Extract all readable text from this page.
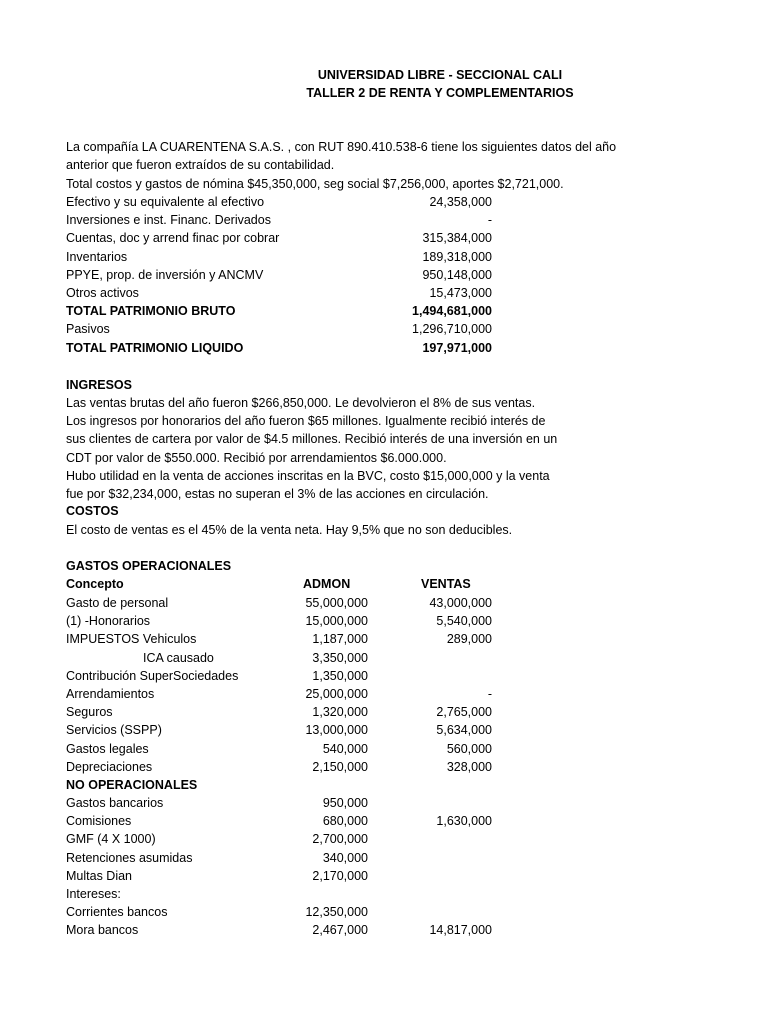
UNIVERSIDAD LIBRE - SECCIONAL CALI
TALLER 2 DE RENTA Y COMPLEMENTARIOS
La compañía LA CUARENTENA S.A.S. , con RUT 890.410.538-6 tiene los siguientes datos del año
anterior que fueron extraídos de su contabilidad.
Total costos y gastos de nómina $45,350,000, seg social $7,256,000, aportes $2,721,000.
Efectivo y su equivalente al efectivo	24,358,000
Inversiones e inst. Financ. Derivados	-
Cuentas, doc y arrend finac por cobrar	315,384,000
Inventarios	189,318,000
PPYE, prop. de inversión y ANCMV	950,148,000
Otros activos	15,473,000
TOTAL PATRIMONIO BRUTO	1,494,681,000
Pasivos	1,296,710,000
TOTAL PATRIMONIO LIQUIDO	197,971,000
INGRESOS
Las ventas brutas del año fueron $266,850,000. Le devolvieron el 8% de sus ventas.
Los ingresos por honorarios del año fueron $65 millones. Igualmente recibió interés de
sus clientes de cartera por valor de $4.5 millones. Recibió interés de una inversión en un
CDT por valor de $550.000. Recibió por arrendamientos $6.000.000.
Hubo utilidad en la venta de acciones inscritas en la BVC, costo $15,000,000 y la venta
fue por $32,234,000, estas no superan el 3% de las acciones en circulación.
COSTOS
El costo de ventas es el 45% de la venta neta. Hay 9,5% que no son deducibles.
GASTOS OPERACIONALES
Concepto	ADMON	VENTAS
Gasto de personal	55,000,000	43,000,000
(1) -Honorarios	15,000,000	5,540,000
IMPUESTOS Vehiculos	1,187,000	289,000
ICA causado	3,350,000
Contribución SuperSociedades	1,350,000
Arrendamientos	25,000,000	-
Seguros	1,320,000	2,765,000
Servicios (SSPP)	13,000,000	5,634,000
Gastos legales	540,000	560,000
Depreciaciones	2,150,000	328,000
NO OPERACIONALES
Gastos bancarios	950,000
Comisiones	680,000	1,630,000
GMF (4 X 1000)	2,700,000
Retenciones asumidas	340,000
Multas Dian	2,170,000
Intereses:
Corrientes bancos	12,350,000
Mora bancos	2,467,000	14,817,000
